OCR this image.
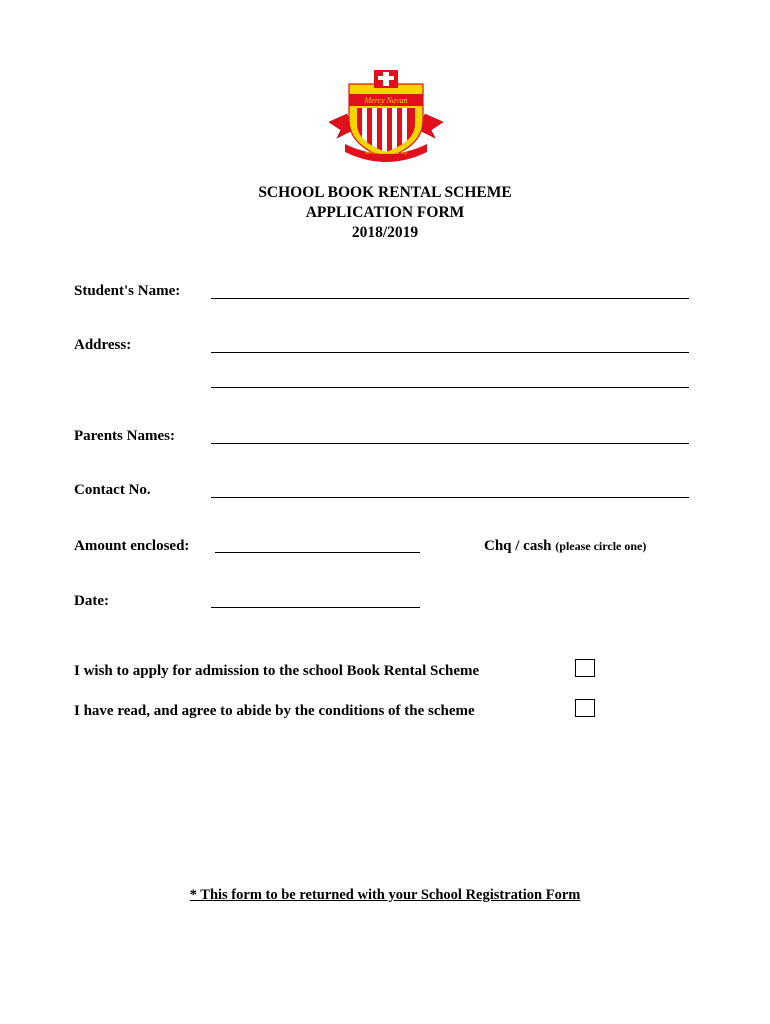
Mercy Navan
Serve the Lord in Joy
SCHOOL BOOK RENTAL SCHEME
APPLICATION FORM
2018/2019
Student's Name:
Address:
Parents Names:
Contact No.
Amount enclosed:	Chq / cash (please circle one)
Date:
I wish to apply for admission to the school Book Rental Scheme
I have read, and agree to abide by the conditions of the scheme
* This form to be returned with your School Registration Form
